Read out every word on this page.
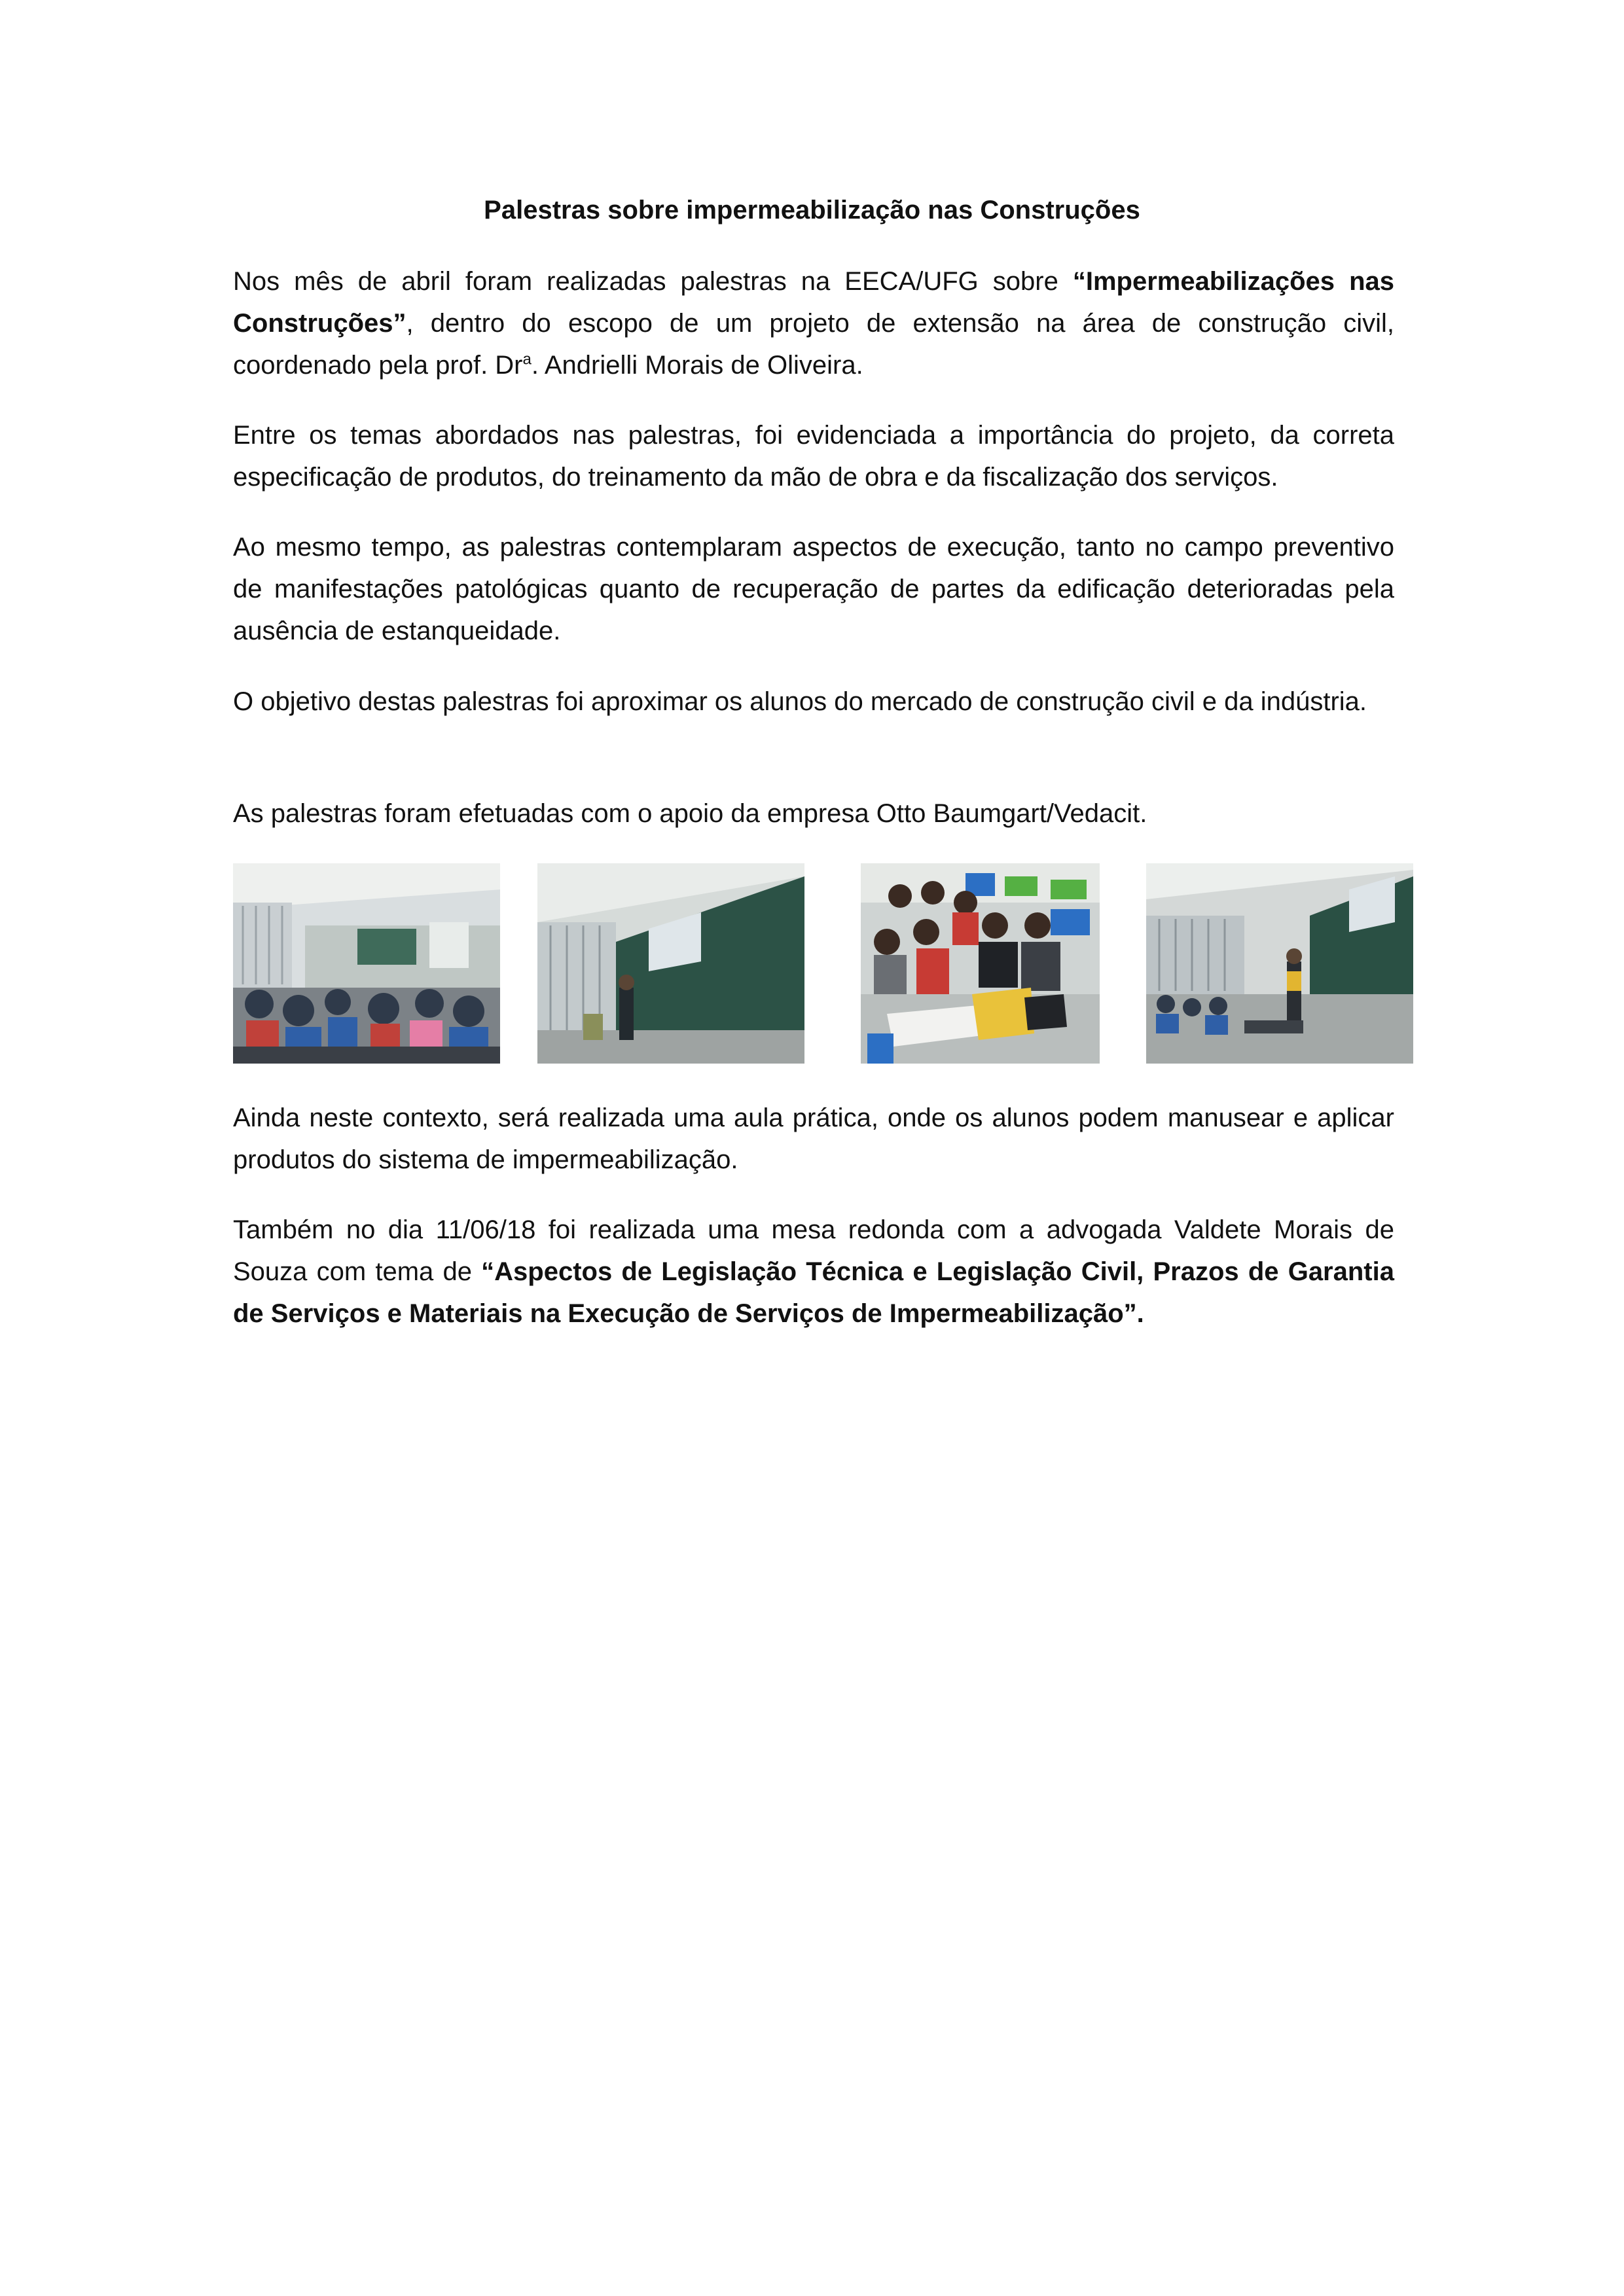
Palestras sobre impermeabilização nas Construções

Nos mês de abril foram realizadas palestras na EECA/UFG sobre “Impermeabilizações nas Construções”, dentro do escopo de um projeto de extensão na área de construção civil, coordenado pela prof. Dr$^a$. Andrielli Morais de Oliveira.

Entre os temas abordados nas palestras, foi evidenciada a importância do projeto, da correta especificação de produtos, do treinamento da mão de obra e da fiscalização dos serviços.

Ao mesmo tempo, as palestras contemplaram aspectos de execução, tanto no campo preventivo de manifestações patológicas quanto de recuperação de partes da edificação deterioradas pela ausência de estanqueidade.

O objetivo destas palestras foi aproximar os alunos do mercado de construção civil e da indústria.

As palestras foram efetuadas com o apoio da empresa Otto Baumgart/Vedacit.

Ainda neste contexto, será realizada uma aula prática, onde os alunos podem manusear e aplicar produtos do sistema de impermeabilização.

Também no dia 11/06/18 foi realizada uma mesa redonda com a advogada Valdete Morais de Souza com tema de “Aspectos de Legislação Técnica e Legislação Civil, Prazos de Garantia de Serviços e Materiais na Execução de Serviços de Impermeabilização”.
